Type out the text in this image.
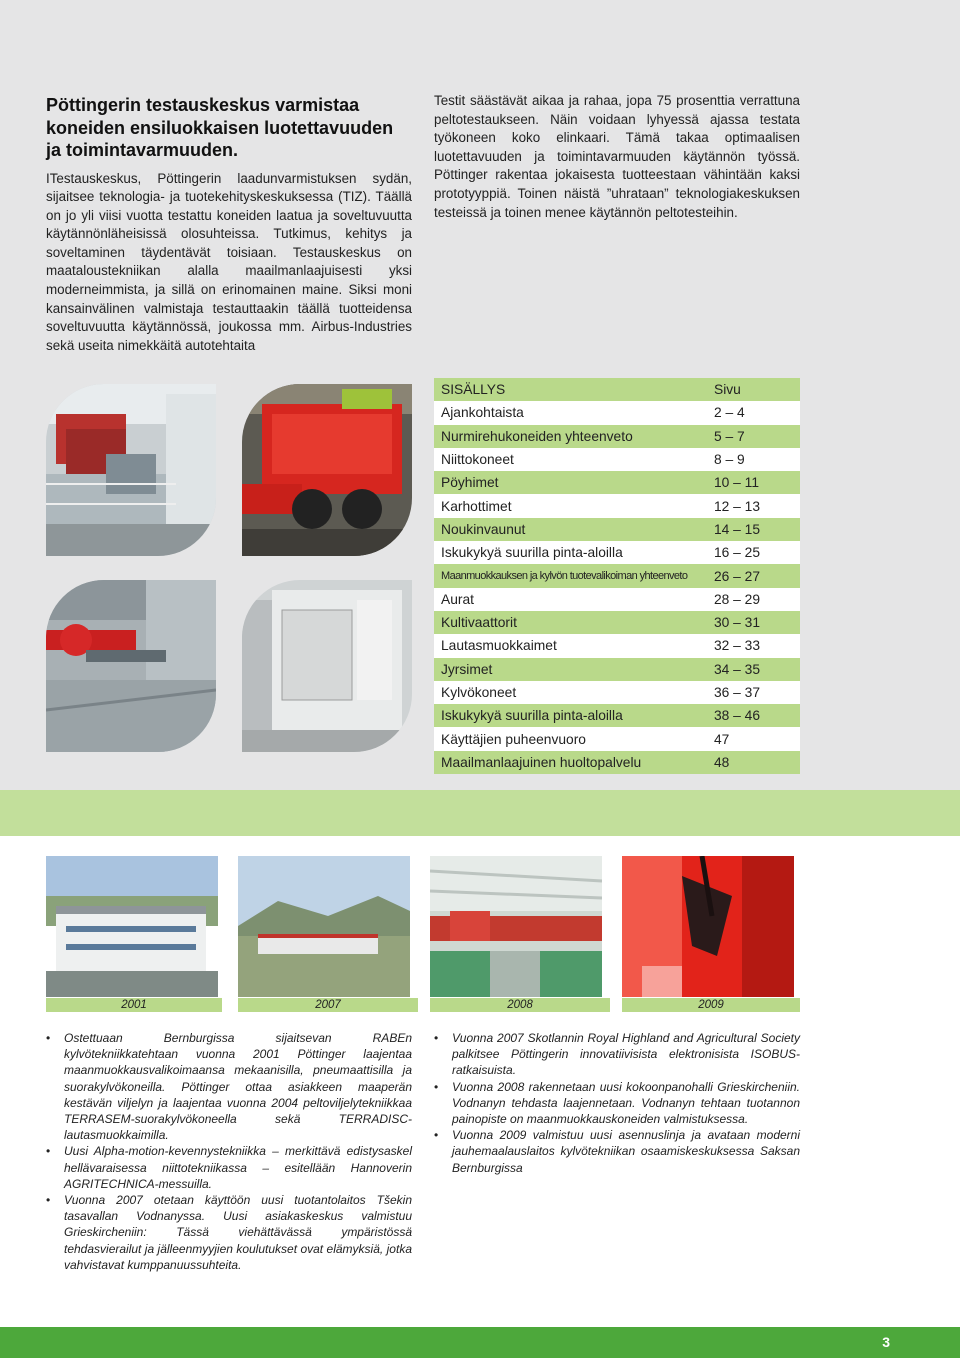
Pöttingerin testauskeskus varmistaa koneiden ensiluokkaisen luotettavuuden ja toimintavarmuuden.

ITestauskeskus, Pöttingerin laadunvarmistuksen sydän, sijaitsee teknologia- ja tuotekehityskeskuksessa (TIZ). Täällä on jo yli viisi vuotta testattu koneiden laatua ja soveltuvuutta käytännönläheisissä olosuhteissa. Tutkimus, kehitys ja soveltaminen täydentävät toisiaan. Testauskeskus on maataloustekniikan alalla maailmanlaajuisesti yksi moderneimmista, ja sillä on erinomainen maine. Siksi moni kansainvälinen valmistaja testauttaakin täällä tuotteidensa soveltuvuutta käytännössä, joukossa mm. Airbus-Industries sekä useita nimekkäitä autotehtaita

Testit säästävät aikaa ja rahaa, jopa 75 prosenttia verrattuna peltotestaukseen. Näin voidaan lyhyessä ajassa testata työkoneen koko elinkaari. Tämä takaa optimaalisen luotettavuuden ja toimintavarmuuden käytännön työssä. Pöttinger rakentaa jokaisesta tuotteestaan vähintään kaksi prototyyppiä. Toinen näistä ”uhrataan” teknologiakeskuksen testeissä ja toinen menee käytännön peltotesteihin.

SISÄLLYS	Sivu
Ajankohtaista	2 – 4
Nurmirehukoneiden yhteenveto	5 – 7
Niittokoneet	8 – 9
Pöyhimet	10 – 11
Karhottimet	12 – 13
Noukinvaunut	14 – 15
Iskukykyä suurilla pinta-aloilla	16 – 25
Maanmuokkauksen ja kylvön tuotevalikoiman yhteenveto	26 – 27
Aurat	28 – 29
Kultivaattorit	30 – 31
Lautasmuokkaimet	32 – 33
Jyrsimet	34 – 35
Kylvökoneet	36 – 37
Iskukykyä suurilla pinta-aloilla	38 – 46
Käyttäjien puheenvuoro	47
Maailmanlaajuinen huoltopalvelu	48
2001	2007	2008	2009
• Ostettuaan Bernburgissa sijaitsevan RABEn kylvötekniikkatehtaan vuonna 2001 Pöttinger laajentaa maanmuokkausvalikoimaansa mekaanisilla, pneumaattisilla ja suorakylvökoneilla. Pöttinger ottaa asiakkeen maaperän kestävän viljelyn ja laajentaa vuonna 2004 peltoviljelytekniikkaa TERRASEM-suorakylvökoneella sekä TERRADISC-lautasmuokkaimilla.
• Uusi Alpha-motion-kevennystekniikka – merkittävä edistysaskel hellävaraisessa niittotekniikassa – esitellään Hannoverin AGRITECHNICA-messuilla.
• Vuonna 2007 otetaan käyttöön uusi tuotantolaitos Tšekin tasavallan Vodnanyssa. Uusi asiakaskeskus valmistuu Grieskircheniin: Tässä viehättävässä ympäristössä tehdasvierailut ja jälleenmyyjien koulutukset ovat elämyksiä, jotka vahvistavat kumppanuussuhteita.
• Vuonna 2007 Skotlannin Royal Highland and Agricultural Society palkitsee Pöttingerin innovatiivisista elektronisista ISOBUS-ratkaisuista.
• Vuonna 2008 rakennetaan uusi kokoonpanohalli Grieskircheniin. Vodnanyn tehdasta laajennetaan. Vodnanyn tehtaan tuotannon painopiste on maanmuokkauskoneiden valmistuksessa.
• Vuonna 2009 valmistuu uusi asennuslinja ja avataan moderni jauhemaalauslaitos kylvötekniikan osaamiskeskuksessa Saksan Bernburgissa
3
